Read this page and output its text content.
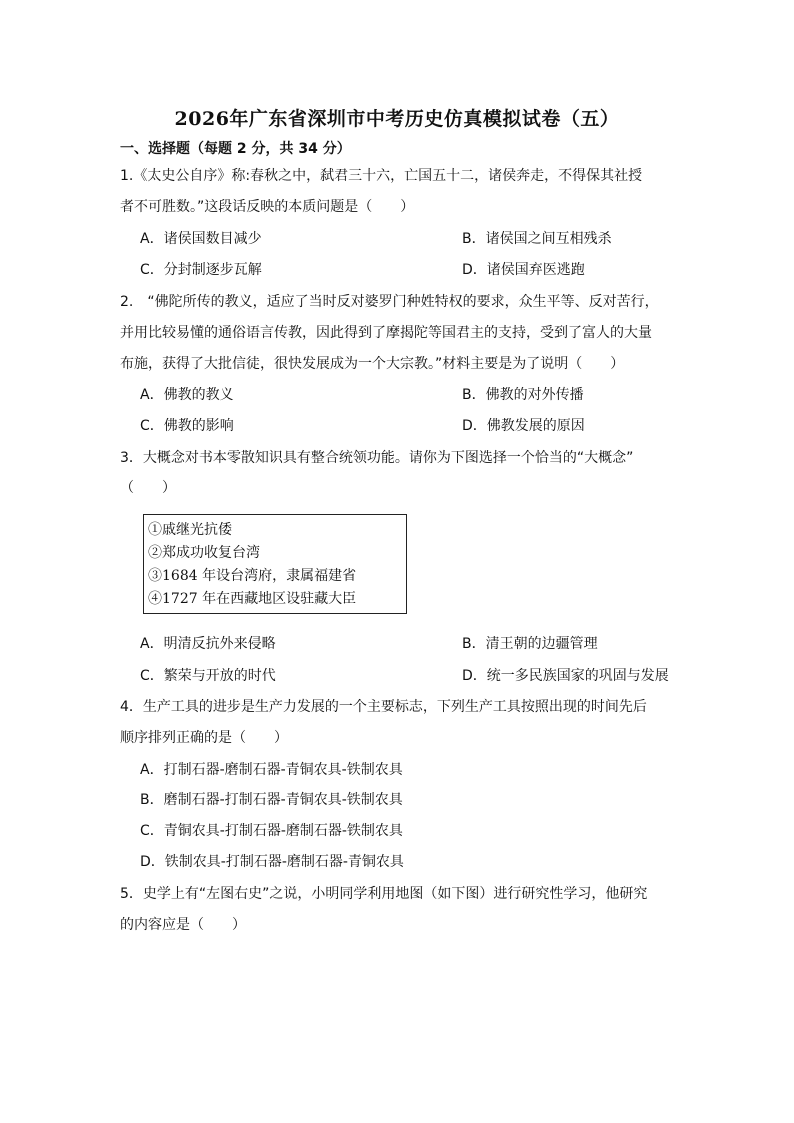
2026年广东省深圳市中考历史仿真模拟试卷（五）
一、选择题（每题 2 分，共 34 分）
1.《太史公自序》称:春秋之中，弑君三十六，亡国五十二，诸侯奔走，不得保其社授
者不可胜数。”这段话反映的本质问题是（　　）
A．诸侯国数目减少	B．诸侯国之间互相残杀
C．分封制逐步瓦解	D．诸侯国弃医逃跑
2.　“佛陀所传的教义，适应了当时反对婆罗门种姓特权的要求，众生平等、反对苦行，
并用比较易懂的通俗语言传教，因此得到了摩揭陀等国君主的支持，受到了富人的大量
布施，获得了大批信徒，很快发展成为一个大宗教。”材料主要是为了说明（　　）
A．佛教的教义	B．佛教的对外传播
C．佛教的影响	D．佛教发展的原因
3．大概念对书本零散知识具有整合统领功能。请你为下图选择一个恰当的“大概念”
（　　）
①戚继光抗倭
②郑成功收复台湾
③1684 年设台湾府，隶属福建省
④1727 年在西藏地区设驻藏大臣
A．明清反抗外来侵略	B．清王朝的边疆管理
C．繁荣与开放的时代	D．统一多民族国家的巩固与发展
4．生产工具的进步是生产力发展的一个主要标志，下列生产工具按照出现的时间先后
顺序排列正确的是（　　）
A．打制石器-磨制石器-青铜农具-铁制农具
B．磨制石器-打制石器-青铜农具-铁制农具
C．青铜农具-打制石器-磨制石器-铁制农具
D．铁制农具-打制石器-磨制石器-青铜农具
5．史学上有“左图右史”之说，小明同学利用地图（如下图）进行研究性学习，他研究
的内容应是（　　）
